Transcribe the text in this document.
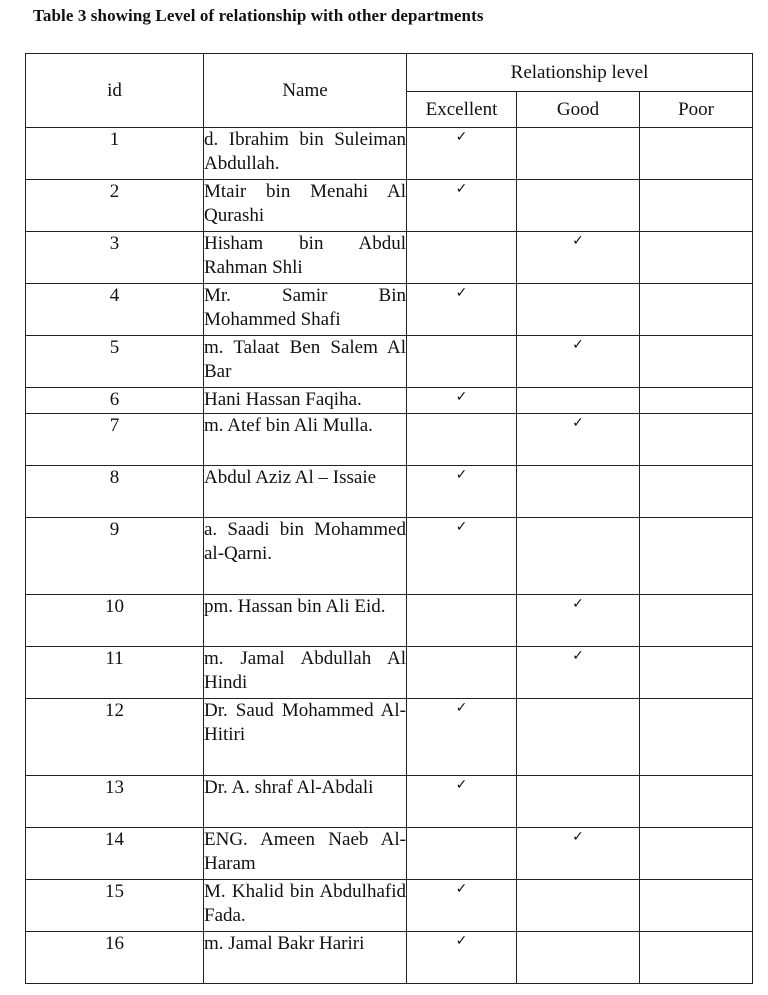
Table 3 showing Level of relationship with other departments
id	Name	Relationship level		
		Excellent	Good	Poor
1	d. Ibrahim bin Suleiman Abdullah.	✓		

2	Mtair bin Menahi Al Qurashi	✓		

3	Hisham bin Abdul Rahman Shli		✓	

4	Mr. Samir Bin Mohammed Shafi	✓		

5	m. Talaat Ben Salem Al Bar		✓	

6	Hani Hassan Faqiha.	✓		

7	m. Atef bin Ali Mulla.		✓	

8	Abdul Aziz Al – Issaie	✓		

9	a. Saadi bin Mohammed al-Qarni.	✓		

10	pm. Hassan bin Ali Eid.		✓	

11	m. Jamal Abdullah Al Hindi		✓	

12	Dr. Saud Mohammed Al-Hitiri	✓		

13	Dr. A. shraf Al-Abdali	✓		

14	ENG. Ameen Naeb Al-Haram		✓	

15	M. Khalid bin Abdulhafid Fada.	✓		

16	m. Jamal Bakr Hariri	✓		
